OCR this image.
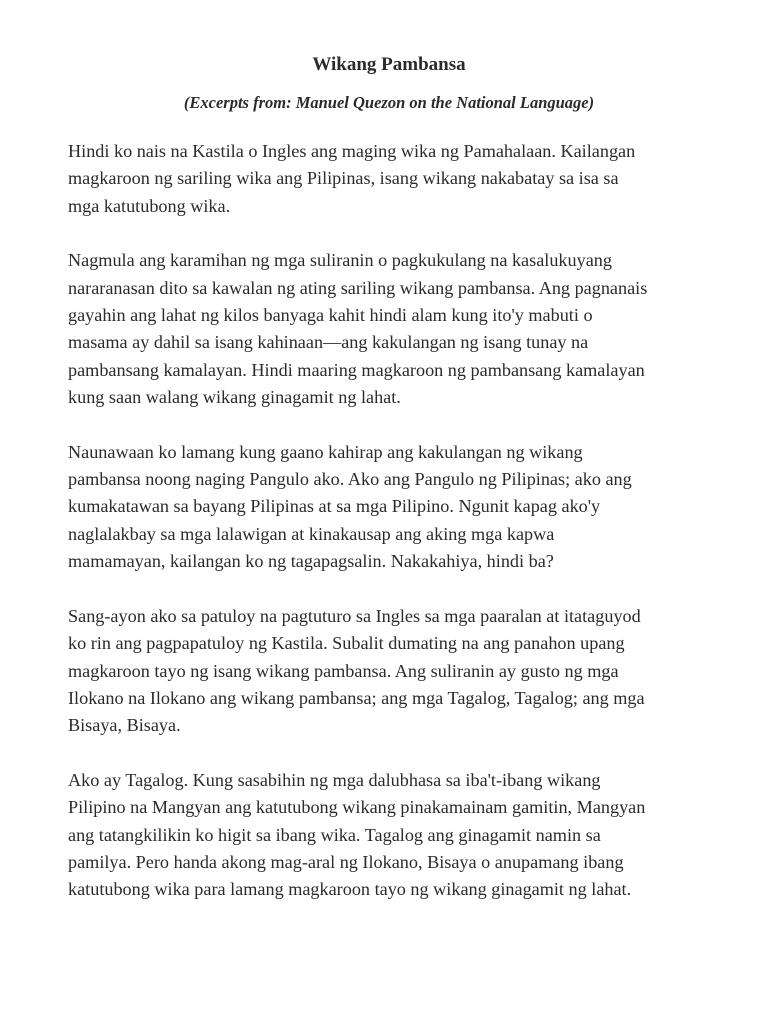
Wikang Pambansa

(Excerpts from: Manuel Quezon on the National Language)

Hindi ko nais na Kastila o Ingles ang maging wika ng Pamahalaan. Kailangan
magkaroon ng sariling wika ang Pilipinas, isang wikang nakabatay sa isa sa
mga katutubong wika.

Nagmula ang karamihan ng mga suliranin o pagkukulang na kasalukuyang
nararanasan dito sa kawalan ng ating sariling wikang pambansa. Ang pagnanais
gayahin ang lahat ng kilos banyaga kahit hindi alam kung ito'y mabuti o
masama ay dahil sa isang kahinaan—ang kakulangan ng isang tunay na
pambansang kamalayan. Hindi maaring magkaroon ng pambansang kamalayan
kung saan walang wikang ginagamit ng lahat.

Naunawaan ko lamang kung gaano kahirap ang kakulangan ng wikang
pambansa noong naging Pangulo ako. Ako ang Pangulo ng Pilipinas; ako ang
kumakatawan sa bayang Pilipinas at sa mga Pilipino. Ngunit kapag ako'y
naglalakbay sa mga lalawigan at kinakausap ang aking mga kapwa
mamamayan, kailangan ko ng tagapagsalin. Nakakahiya, hindi ba?

Sang-ayon ako sa patuloy na pagtuturo sa Ingles sa mga paaralan at itataguyod
ko rin ang pagpapatuloy ng Kastila. Subalit dumating na ang panahon upang
magkaroon tayo ng isang wikang pambansa. Ang suliranin ay gusto ng mga
Ilokano na Ilokano ang wikang pambansa; ang mga Tagalog, Tagalog; ang mga
Bisaya, Bisaya.

Ako ay Tagalog. Kung sasabihin ng mga dalubhasa sa iba't-ibang wikang
Pilipino na Mangyan ang katutubong wikang pinakamainam gamitin, Mangyan
ang tatangkilikin ko higit sa ibang wika. Tagalog ang ginagamit namin sa
pamilya. Pero handa akong mag-aral ng Ilokano, Bisaya o anupamang ibang
katutubong wika para lamang magkaroon tayo ng wikang ginagamit ng lahat.
